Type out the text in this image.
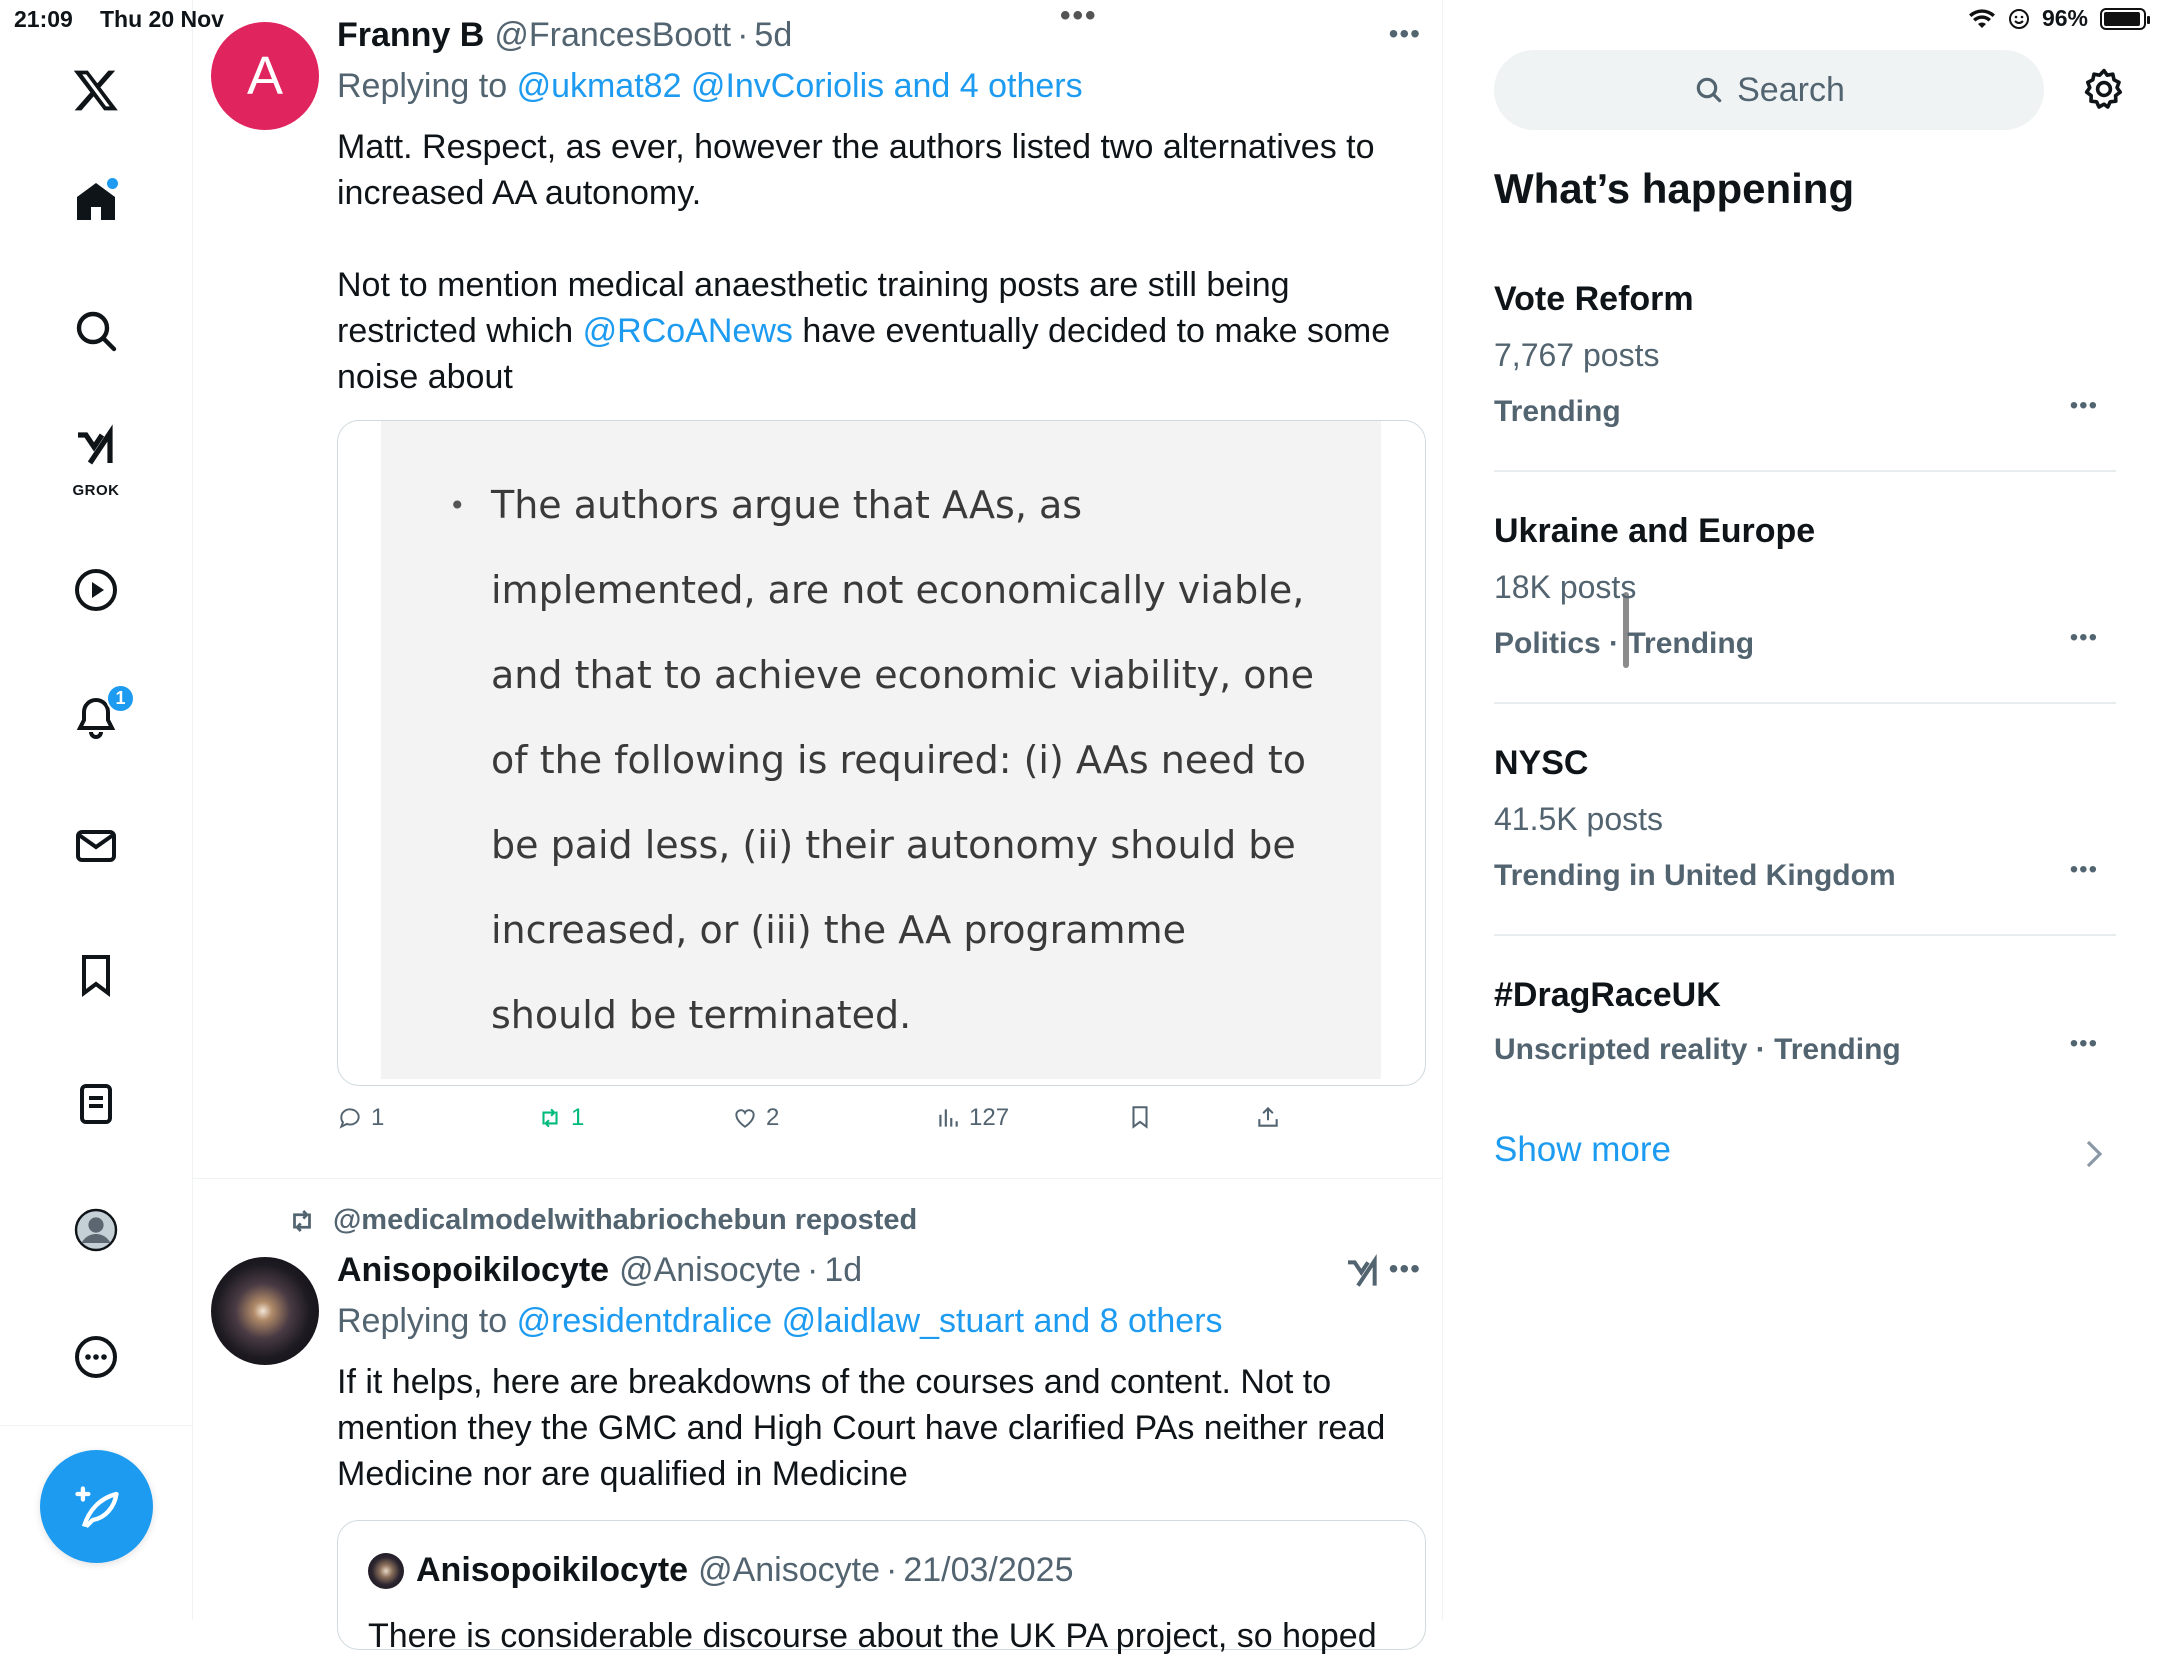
21:09 Thu 20 Nov	•••	96%
GROK
1
A
Franny B @FrancesBoott · 5d	•••
Replying to @ukmat82 @InvCoriolis and 4 others
Matt. Respect, as ever, however the authors listed two alternatives to increased AA autonomy.

Not to mention medical anaesthetic training posts are still being restricted which @RCoANews have eventually decided to make some noise about
• The authors argue that AAs, as implemented, are not economically viable, and that to achieve economic viability, one of the following is required: (i) AAs need to be paid less, (ii) their autonomy should be increased, or (iii) the AA programme should be terminated.
1	1	2	127
@medicalmodelwithabriochebun reposted
Anisopoikilocyte @Anisocyte · 1d	•••
Replying to @residentdralice @laidlaw_stuart and 8 others
If it helps, here are breakdowns of the courses and content. Not to mention they the GMC and High Court have clarified PAs neither read Medicine nor are qualified in Medicine
Anisopoikilocyte @Anisocyte · 21/03/2025
There is considerable discourse about the UK PA project, so hoped
Search
What’s happening
Vote Reform
7,767 posts
Trending	•••
Ukraine and Europe
18K posts
Politics · Trending	•••
NYSC
41.5K posts
Trending in United Kingdom	•••
#DragRaceUK
Unscripted reality · Trending	•••
Show more
